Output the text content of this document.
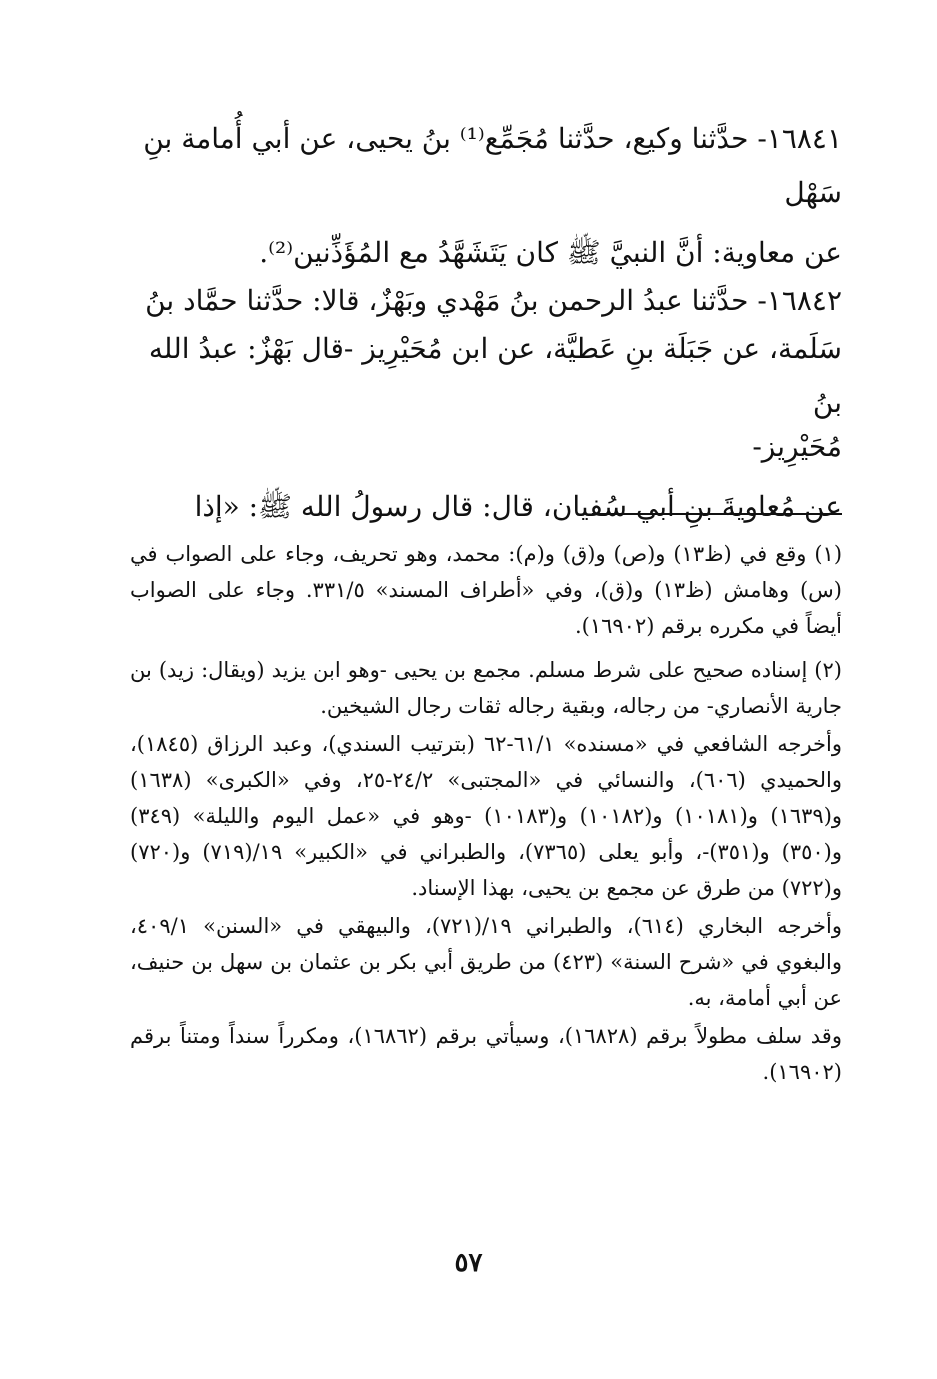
١٦٨٤١- حدَّثنا وكيع، حدَّثنا مُجَمِّع⁽¹⁾ بنُ يحيى، عن أبي أُمامة بنِ

سَهْل

عن معاوية: أنَّ النبيَّ ﷺ كان يَتَشَهَّدُ مع المُؤَذِّنين⁽²⁾.

١٦٨٤٢- حدَّثنا عبدُ الرحمن بنُ مَهْدي وبَهْزٌ، قالا: حدَّثنا حمَّاد بنُ

سَلَمة، عن جَبَلَة بنِ عَطيَّة، عن ابن مُحَيْرِيز -قال بَهْزٌ: عبدُ الله بنُ

مُحَيْرِيز-

عن مُعاويةَ بنِ أبي سُفيان، قال: قال رسولُ الله ﷺ: «إذا

(١) وقع في (ظ١٣) و(ص) و(ق) و(م): محمد، وهو تحريف، وجاء على الصواب في (س) وهامش (ظ١٣) و(ق)، وفي «أطراف المسند» ٣٣١/٥. وجاء على الصواب أيضاً في مكرره برقم (١٦٩٠٢).

(٢) إسناده صحيح على شرط مسلم. مجمع بن يحيى -وهو ابن يزيد (ويقال: زيد) بن جارية الأنصاري- من رجاله، وبقية رجاله ثقات رجال الشيخين.

وأخرجه الشافعي في «مسنده» ٦١/١-٦٢ (بترتيب السندي)، وعبد الرزاق (١٨٤٥)، والحميدي (٦٠٦)، والنسائي في «المجتبى» ٢٤/٢-٢٥، وفي «الكبرى» (١٦٣٨) و(١٦٣٩) و(١٠١٨١) و(١٠١٨٢) و(١٠١٨٣) -وهو في «عمل اليوم والليلة» (٣٤٩) و(٣٥٠) و(٣٥١)-، وأبو يعلى (٧٣٦٥)، والطبراني في «الكبير» ١٩/(٧١٩) و(٧٢٠) و(٧٢٢) من طرق عن مجمع بن يحيى، بهذا الإسناد.

وأخرجه البخاري (٦١٤)، والطبراني ١٩/(٧٢١)، والبيهقي في «السنن» ٤٠٩/١، والبغوي في «شرح السنة» (٤٢٣) من طريق أبي بكر بن عثمان بن سهل بن حنيف، عن أبي أمامة، به.

وقد سلف مطولاً برقم (١٦٨٢٨)، وسيأتي برقم (١٦٨٦٢)، ومكرراً سنداً ومتناً برقم (١٦٩٠٢).

٥٧
